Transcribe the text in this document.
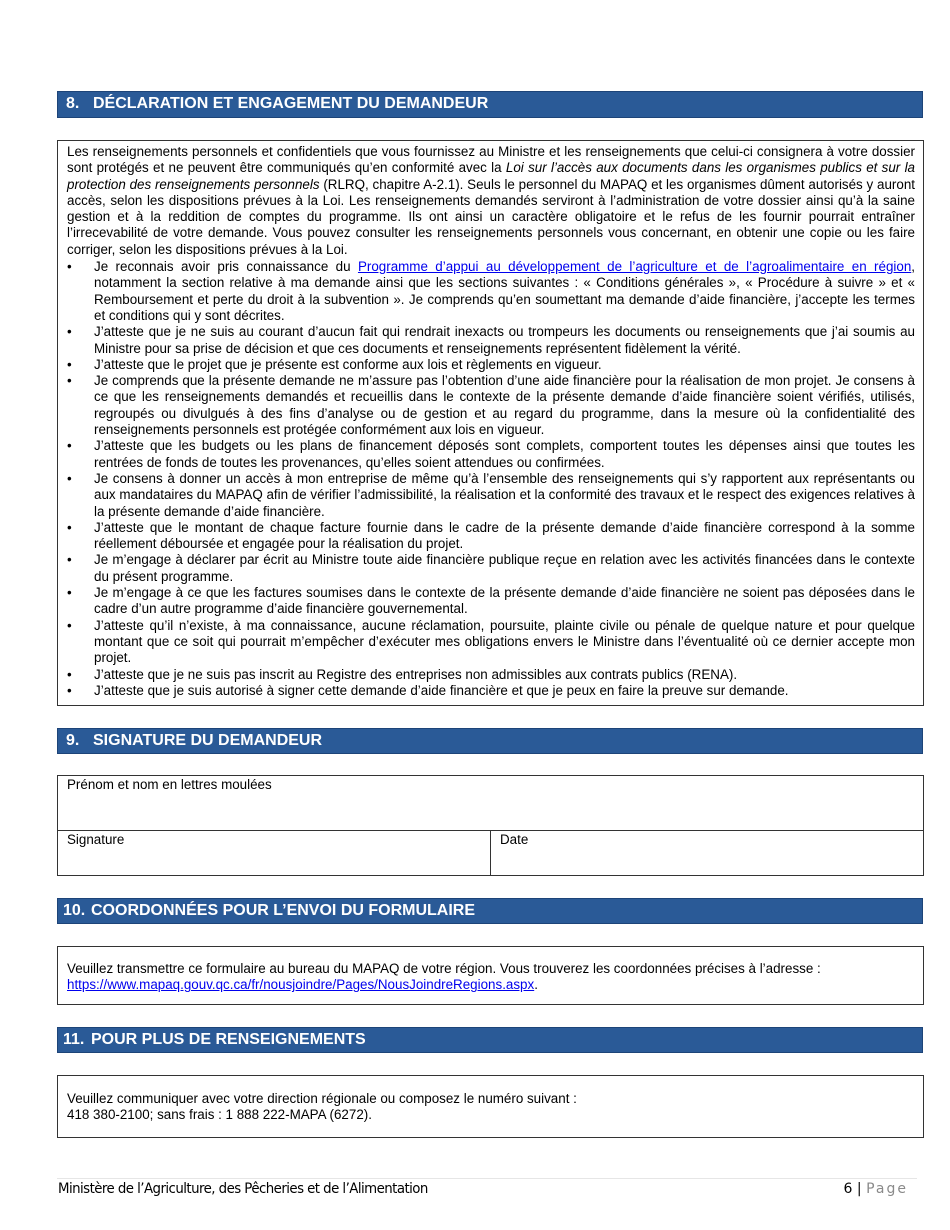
8. DÉCLARATION ET ENGAGEMENT DU DEMANDEUR

Les renseignements personnels et confidentiels que vous fournissez au Ministre et les renseignements que celui-ci consignera à votre dossier sont protégés et ne peuvent être communiqués qu’en conformité avec la Loi sur l’accès aux documents dans les organismes publics et sur la protection des renseignements personnels (RLRQ, chapitre A-2.1). Seuls le personnel du MAPAQ et les organismes dûment autorisés y auront accès, selon les dispositions prévues à la Loi. Les renseignements demandés serviront à l’administration de votre dossier ainsi qu’à la saine gestion et à la reddition de comptes du programme. Ils ont ainsi un caractère obligatoire et le refus de les fournir pourrait entraîner l’irrecevabilité de votre demande. Vous pouvez consulter les renseignements personnels vous concernant, en obtenir une copie ou les faire corriger, selon les dispositions prévues à la Loi.

• Je reconnais avoir pris connaissance du Programme d’appui au développement de l’agriculture et de l’agroalimentaire en région, notamment la section relative à ma demande ainsi que les sections suivantes : « Conditions générales », « Procédure à suivre » et « Remboursement et perte du droit à la subvention ». Je comprends qu’en soumettant ma demande d’aide financière, j’accepte les termes et conditions qui y sont décrites.
• J’atteste que je ne suis au courant d’aucun fait qui rendrait inexacts ou trompeurs les documents ou renseignements que j’ai soumis au Ministre pour sa prise de décision et que ces documents et renseignements représentent fidèlement la vérité.
• J’atteste que le projet que je présente est conforme aux lois et règlements en vigueur.
• Je comprends que la présente demande ne m’assure pas l’obtention d’une aide financière pour la réalisation de mon projet. Je consens à ce que les renseignements demandés et recueillis dans le contexte de la présente demande d’aide financière soient vérifiés, utilisés, regroupés ou divulgués à des fins d’analyse ou de gestion et au regard du programme, dans la mesure où la confidentialité des renseignements personnels est protégée conformément aux lois en vigueur.
• J’atteste que les budgets ou les plans de financement déposés sont complets, comportent toutes les dépenses ainsi que toutes les rentrées de fonds de toutes les provenances, qu’elles soient attendues ou confirmées.
• Je consens à donner un accès à mon entreprise de même qu’à l’ensemble des renseignements qui s’y rapportent aux représentants ou aux mandataires du MAPAQ afin de vérifier l’admissibilité, la réalisation et la conformité des travaux et le respect des exigences relatives à la présente demande d’aide financière.
• J’atteste que le montant de chaque facture fournie dans le cadre de la présente demande d’aide financière correspond à la somme réellement déboursée et engagée pour la réalisation du projet.
• Je m’engage à déclarer par écrit au Ministre toute aide financière publique reçue en relation avec les activités financées dans le contexte du présent programme.
• Je m’engage à ce que les factures soumises dans le contexte de la présente demande d’aide financière ne soient pas déposées dans le cadre d’un autre programme d’aide financière gouvernemental.
• J’atteste qu’il n’existe, à ma connaissance, aucune réclamation, poursuite, plainte civile ou pénale de quelque nature et pour quelque montant que ce soit qui pourrait m’empêcher d’exécuter mes obligations envers le Ministre dans l’éventualité où ce dernier accepte mon projet.
• J’atteste que je ne suis pas inscrit au Registre des entreprises non admissibles aux contrats publics (RENA).
• J’atteste que je suis autorisé à signer cette demande d’aide financière et que je peux en faire la preuve sur demande.
9. SIGNATURE DU DEMANDEUR
Prénom et nom en lettres moulées
Signature	Date
10. COORDONNÉES POUR L’ENVOI DU FORMULAIRE
Veuillez transmettre ce formulaire au bureau du MAPAQ de votre région. Vous trouverez les coordonnées précises à l’adresse :
https://www.mapaq.gouv.qc.ca/fr/nousjoindre/Pages/NousJoindreRegions.aspx.
11. POUR PLUS DE RENSEIGNEMENTS
Veuillez communiquer avec votre direction régionale ou composez le numéro suivant :
418 380-2100; sans frais : 1 888 222-MAPA (6272).
Ministère de l’Agriculture, des Pêcheries et de l’Alimentation	6 | Page
